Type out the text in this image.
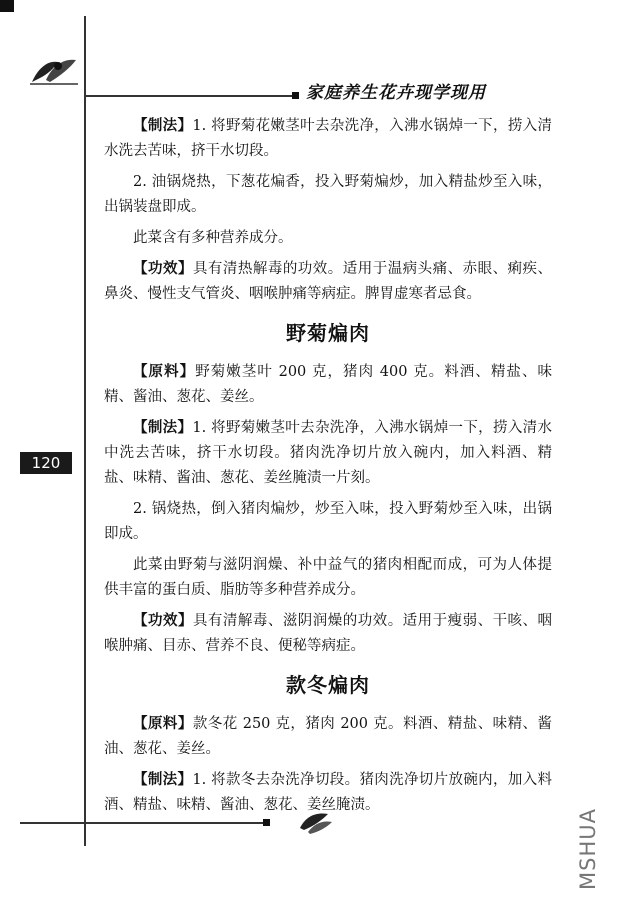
家庭养生花卉现学现用
120

【制法】1. 将野菊花嫩茎叶去杂洗净，入沸水锅焯一下，捞入清水洗去苦味，挤干水切段。

2. 油锅烧热，下葱花煸香，投入野菊煸炒，加入精盐炒至入味，出锅装盘即成。

此菜含有多种营养成分。

【功效】具有清热解毒的功效。适用于温病头痛、赤眼、痢疾、鼻炎、慢性支气管炎、咽喉肿痛等病症。脾胃虚寒者忌食。

野菊煸肉

【原料】野菊嫩茎叶 200 克，猪肉 400 克。料酒、精盐、味精、酱油、葱花、姜丝。

【制法】1. 将野菊嫩茎叶去杂洗净，入沸水锅焯一下，捞入清水中洗去苦味，挤干水切段。猪肉洗净切片放入碗内，加入料酒、精盐、味精、酱油、葱花、姜丝腌渍一片刻。

2. 锅烧热，倒入猪肉煸炒，炒至入味，投入野菊炒至入味，出锅即成。

此菜由野菊与滋阴润燥、补中益气的猪肉相配而成，可为人体提供丰富的蛋白质、脂肪等多种营养成分。

【功效】具有清解毒、滋阴润燥的功效。适用于瘦弱、干咳、咽喉肿痛、目赤、营养不良、便秘等病症。

款冬煸肉

【原料】款冬花 250 克，猪肉 200 克。料酒、精盐、味精、酱油、葱花、姜丝。

【制法】1. 将款冬去杂洗净切段。猪肉洗净切片放碗内，加入料酒、精盐、味精、酱油、葱花、姜丝腌渍。

MSHUA
